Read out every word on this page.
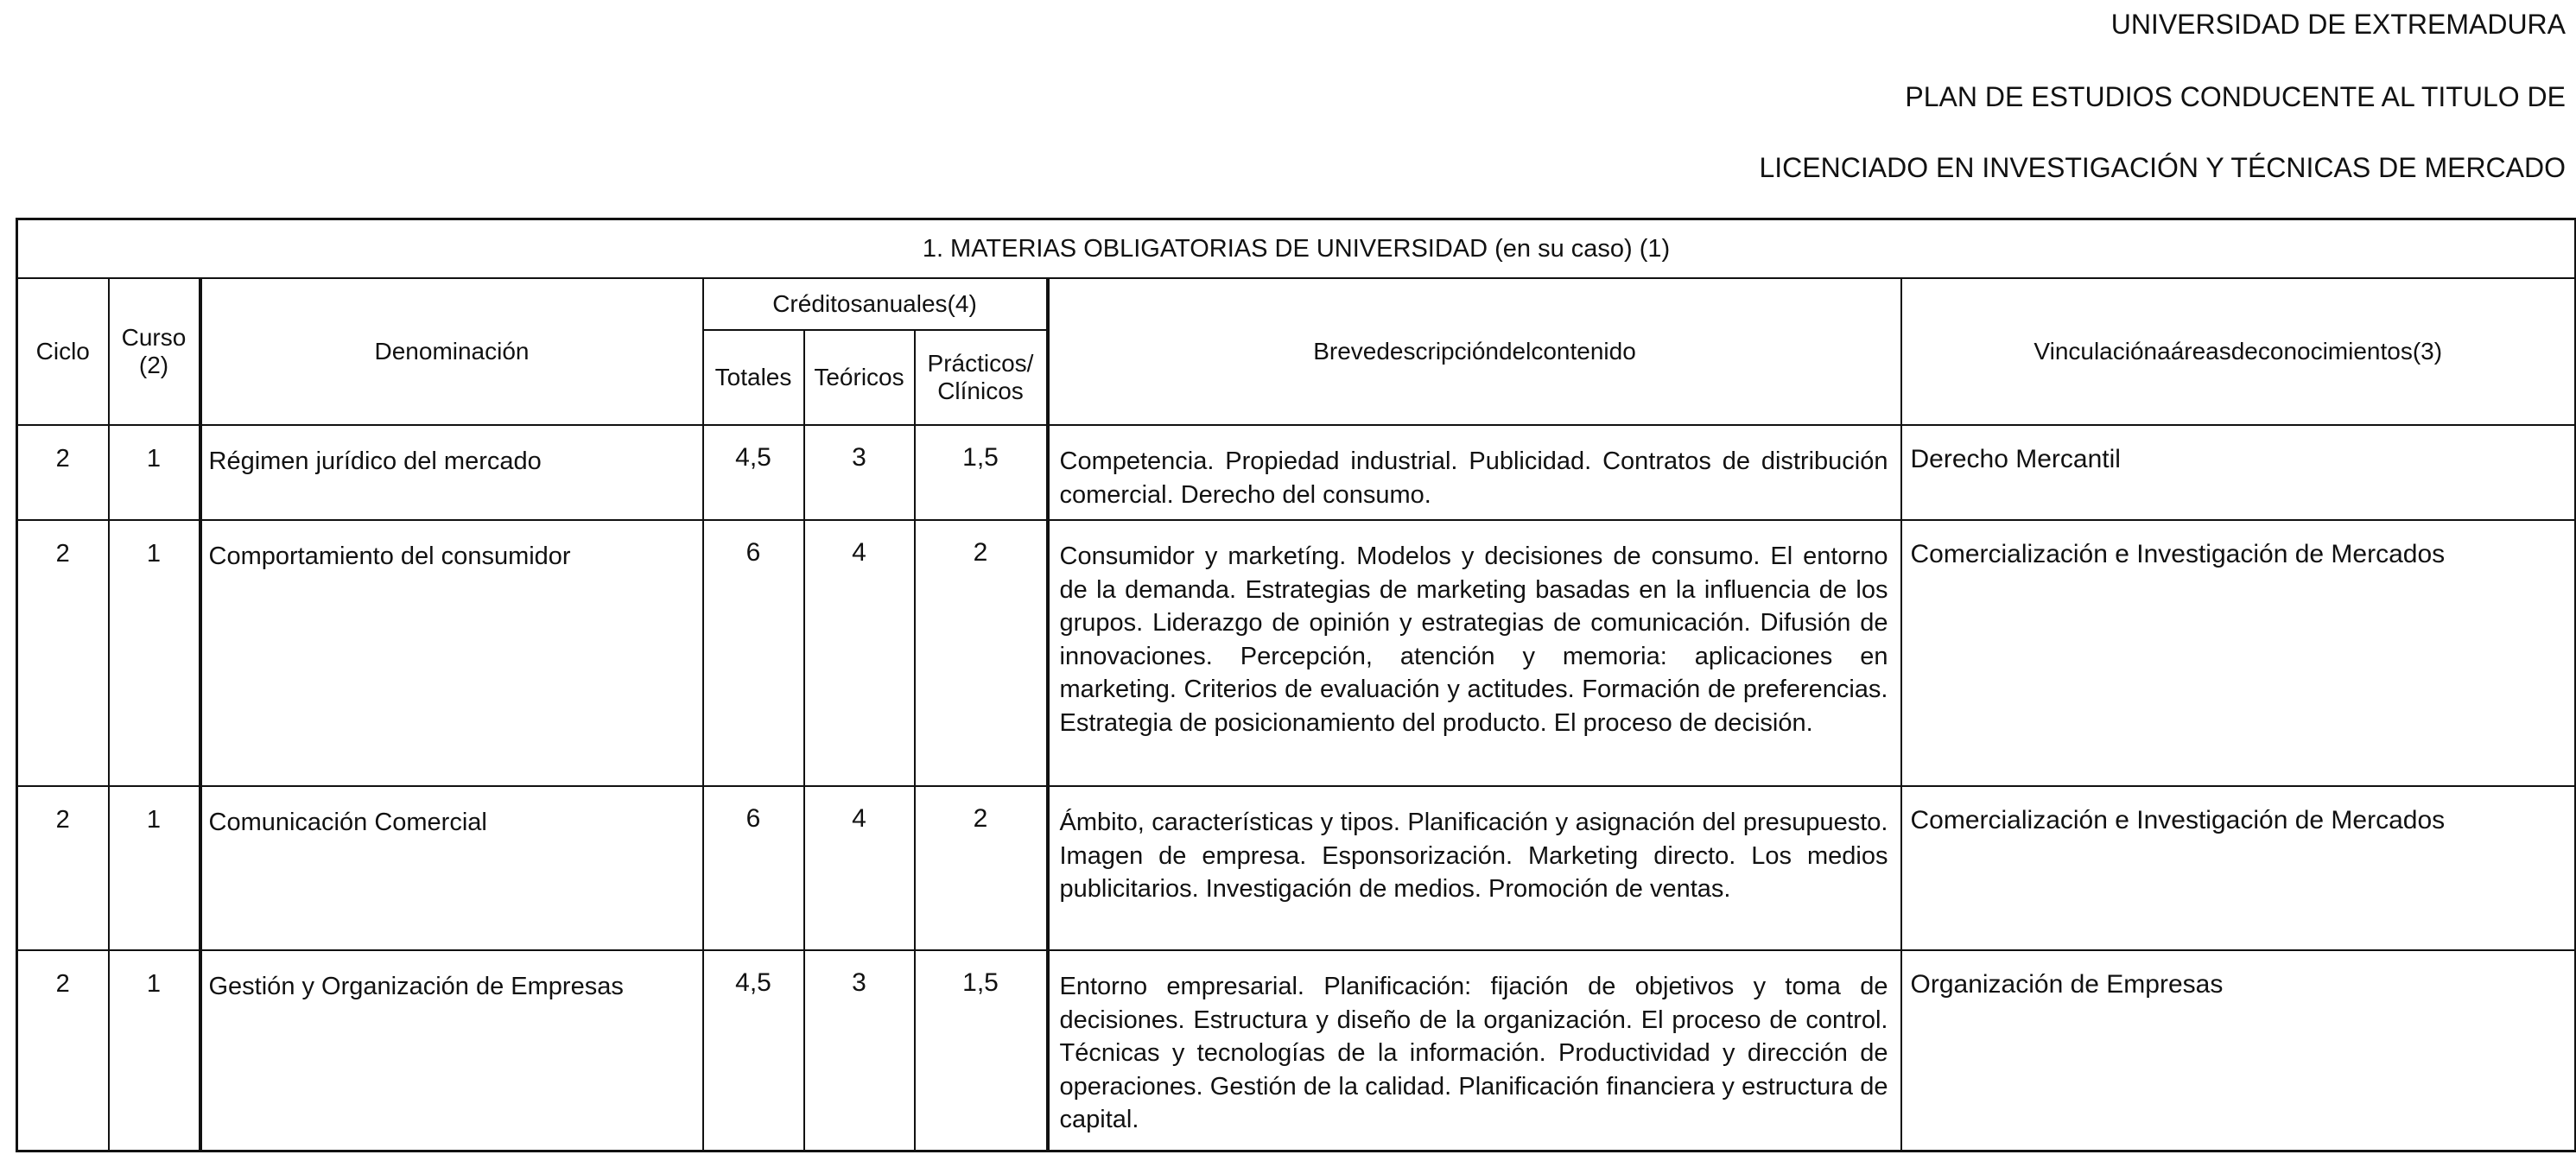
UNIVERSIDAD DE EXTREMADURA
PLAN DE ESTUDIOS CONDUCENTE AL TITULO DE
LICENCIADO EN INVESTIGACIÓN Y TÉCNICAS DE MERCADO
1. MATERIAS OBLIGATORIAS DE UNIVERSIDAD (en su caso) (1)							
Ciclo	Curso (2)	Denominación	Créditosanuales(4)			Brevedescripcióndelcontenido	Vinculaciónaáreasdeconocimientos(3)
			Totales	Teóricos	Prácticos/ Clínicos		
2	1	Régimen jurídico del mercado	4,5	3	1,5	Competencia. Propiedad industrial. Publicidad. Contratos de distribución comercial. Derecho del consumo.	Derecho Mercantil
2	1	Comportamiento del consumidor	6	4	2	Consumidor y marketíng. Modelos y decisiones de consumo. El entorno de la demanda. Estrategias de marketing basadas en la influencia de los grupos. Liderazgo de opinión y estrategias de comunicación. Difusión de innovaciones. Percepción, atención y memoria: aplicaciones en marketing. Criterios de evaluación y actitudes. Formación de preferencias. Estrategia de posicionamiento del producto. El proceso de decisión.	Comercialización e Investigación de Mercados
2	1	Comunicación Comercial	6	4	2	Ámbito, características y tipos. Planificación y asignación del presupuesto. Imagen de empresa. Esponsorización. Marketing directo. Los medios publicitarios. Investigación de medios. Promoción de ventas.	Comercialización e Investigación de Mercados
2	1	Gestión y Organización de Empresas	4,5	3	1,5	Entorno empresarial. Planificación: fijación de objetivos y toma de decisiones. Estructura y diseño de la organización. El proceso de control. Técnicas y tecnologías de la información. Productividad y dirección de operaciones. Gestión de la calidad. Planificación financiera y estructura de capital.	Organización de Empresas
